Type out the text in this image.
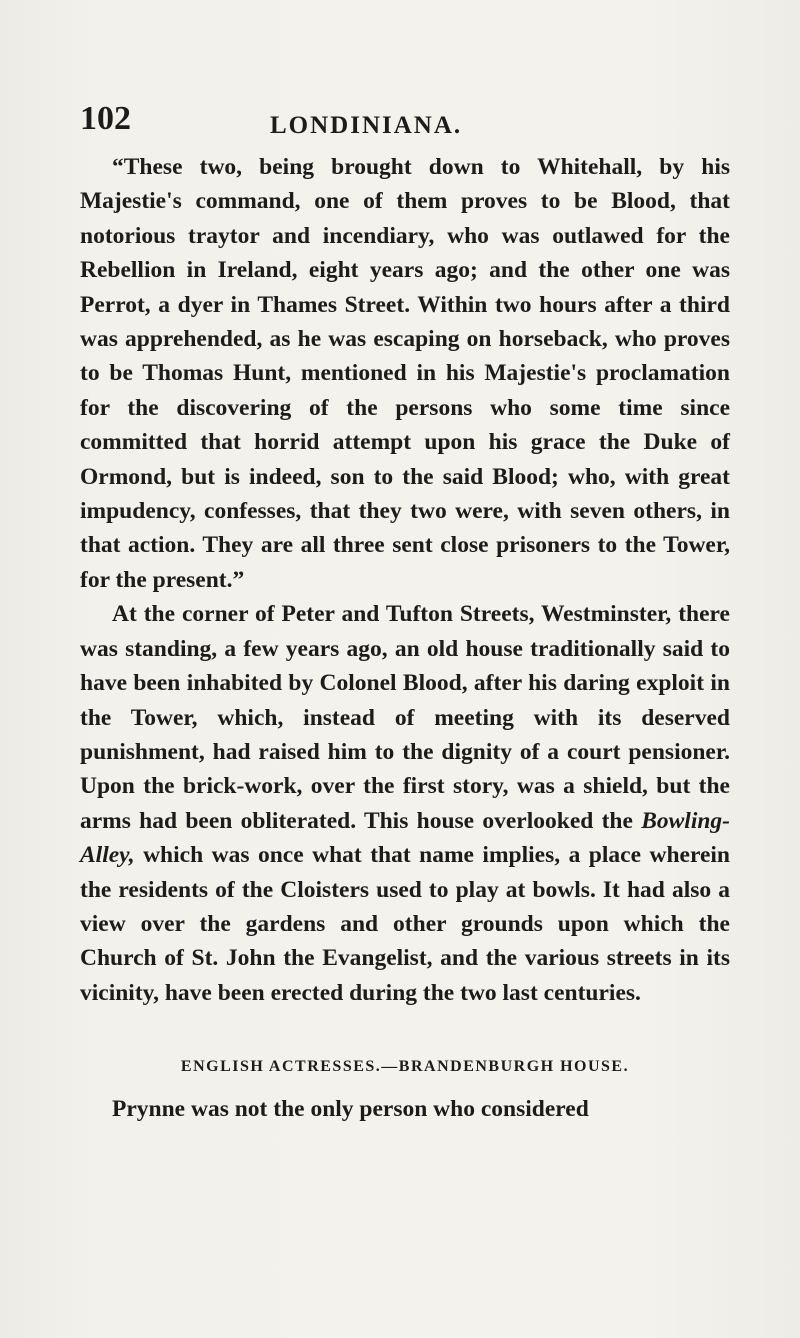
102	LONDINIANA.

“These two, being brought down to Whitehall, by his Majestie's command, one of them proves to be Blood, that notorious traytor and incendiary, who was outlawed for the Rebellion in Ireland, eight years ago; and the other one was Perrot, a dyer in Thames Street. Within two hours after a third was apprehended, as he was escaping on horseback, who proves to be Thomas Hunt, mentioned in his Majestie's proclamation for the discovering of the persons who some time since committed that horrid attempt upon his grace the Duke of Ormond, but is indeed, son to the said Blood; who, with great impudency, confesses, that they two were, with seven others, in that action. They are all three sent close prisoners to the Tower, for the present.”

At the corner of Peter and Tufton Streets, Westminster, there was standing, a few years ago, an old house traditionally said to have been inhabited by Colonel Blood, after his daring exploit in the Tower, which, instead of meeting with its deserved punishment, had raised him to the dignity of a court pensioner. Upon the brick-work, over the first story, was a shield, but the arms had been obliterated. This house overlooked the Bowling-Alley, which was once what that name implies, a place wherein the residents of the Cloisters used to play at bowls. It had also a view over the gardens and other grounds upon which the Church of St. John the Evangelist, and the various streets in its vicinity, have been erected during the two last centuries.

ENGLISH ACTRESSES.—BRANDENBURGH HOUSE.

Prynne was not the only person who considered
